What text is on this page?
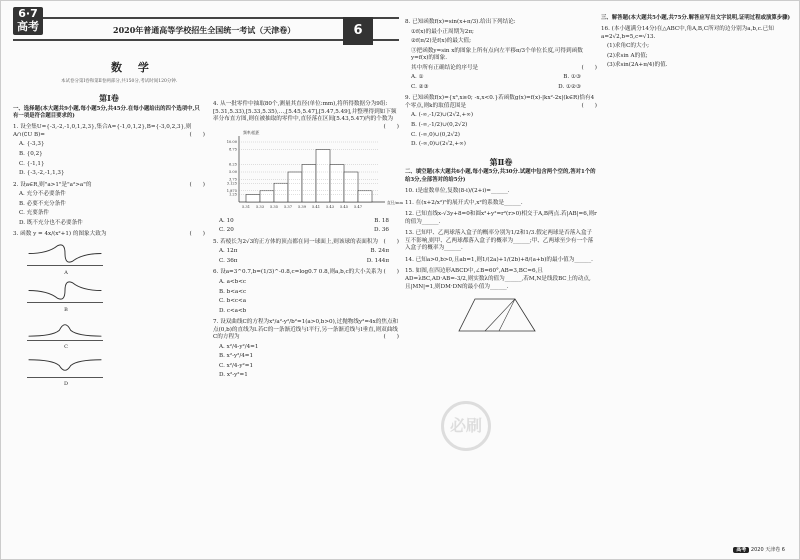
6·7
高考	2020年普通高等学校招生全国统一考试（天津卷）	6
数 学
本试卷分第Ⅰ卷和第Ⅱ卷两部分,共150分,考试时间120分钟.
第Ⅰ卷
一、选择题(本大题共9小题,每小题5分,共45分.在每小题给出的四个选项中,只有一项是符合题目要求的)
1. 设全集U={-3,-2,-1,0,1,2,3},集合A={-1,0,1,2},B={-3,0,2,3},则A∩(∁U B)=	(　　)
A. {-3,3}
B. {0,2}
C. {-1,1}
D. {-3,-2,-1,1,3}
2. 设a∈R,则"a>1"是"a²>a"的	(　　)
A. 充分不必要条件
B. 必要不充分条件
C. 充要条件
D. 既不充分也不必要条件
3. 函数 y = 4x/(x²+1) 的图象大致为	(　　)

A
B
C
D
4. 从一批零件中抽取80个,测量其直径(单位:mm),将所得数据分为9组:[5.31,5.33),[5.33,5.35),…,[5.45,5.47],[5.47,5.49],并整理得到如下频率分布直方图,则在被抽取的零件中,直径落在区间[5.43,5.47)内的个数为
(　　)

5.31 5.33 5.35 5.37 5.39 5.41 5.43 5.45 5.47
10.00
8.75
6.25
5.00
3.75
3.125
1.875
1.25
频率/组距
直径/mm
A. 10	B. 18
C. 20	D. 36
5. 若棱长为2√3的正方体的顶点都在同一球面上,则该球的表面积为 (　　)
A. 12π	B. 24π
C. 36π	D. 144π
6. 设a=3^0.7,b=(1/3)^-0.8,c=log0.7 0.8,则a,b,c的大小关系为 (　　)
A. a<b<c
B. b<a<c
C. b<c<a
D. c<a<b
7. 设双曲线C的方程为x²/a²-y²/b²=1(a>0,b>0),过抛物线y²=4x的焦点和点(0,b)的直线为l.若C的一条渐近线与l平行,另一条渐近线与l垂直,则双曲线C的方程为	(　　)
A. x²/4-y²/4=1
B. x²-y²/4=1
C. x²/4-y²=1
D. x²-y²=1
8. 已知函数f(x)=sin(x+π/3).给出下列结论:
①f(x)的最小正周期为2π;
②f(π/2)是f(x)的最大值;
③把函数y=sin x的图象上所有点向左平移π/3个单位长度,可得到函数y=f(x)的图象.
其中所有正确结论的序号是	(　　)
A. ①	B. ①③
C. ②③	D. ①②③
9. 已知函数f(x)={x³,x≥0; -x,x<0.}若函数g(x)=f(x)-|kx²-2x|(k∈R)恰有4个零点,则k的取值范围是	(　　)
A. (-∞,-1/2)∪(2√2,+∞)
B. (-∞,-1/2)∪(0,2√2)
C. (-∞,0)∪(0,2√2)
D. (-∞,0)∪(2√2,+∞)
第Ⅱ卷
二、填空题(本大题共6小题,每小题5分,共30分.试题中包含两个空的,答对1个的给3分,全部答对的给5分)
10. i是虚数单位,复数(8-i)/(2+i)=______.
11. 在(x+2/x²)⁵的展开式中,x²的系数是______.
12. 已知直线x-√3y+8=0和圆x²+y²=r²(r>0)相交于A,B两点.若|AB|=6,则r的值为______.
13. 已知甲、乙两球落入盒子的概率分别为1/2和1/3.假定两球是否落入盒子互不影响,则甲、乙两球都落入盒子的概率为______;甲、乙两球至少有一个落入盒子的概率为______.
14. 已知a>0,b>0,且ab=1,则1/(2a)+1/(2b)+8/(a+b)的最小值为______.
15. 如图,在四边形ABCD中,∠B=60°,AB=3,BC=6,且AD=λBC,AD·AB=-3/2,则实数λ的值为______,若M,N是线段BC上的动点,且|MN|=1,则DM·DN的最小值为______.
三、解答题(本大题共5小题,共75分.解答应写出文字说明,证明过程或演算步骤)
16. (本小题满分14分)在△ABC中,角A,B,C所对的边分别为a,b,c.已知a=2√2,b=5,c=√13.
(1)求角C的大小;
(2)求sin A的值;
(3)求sin(2A+π/4)的值.
必刷
高考 2020 天津卷 6
